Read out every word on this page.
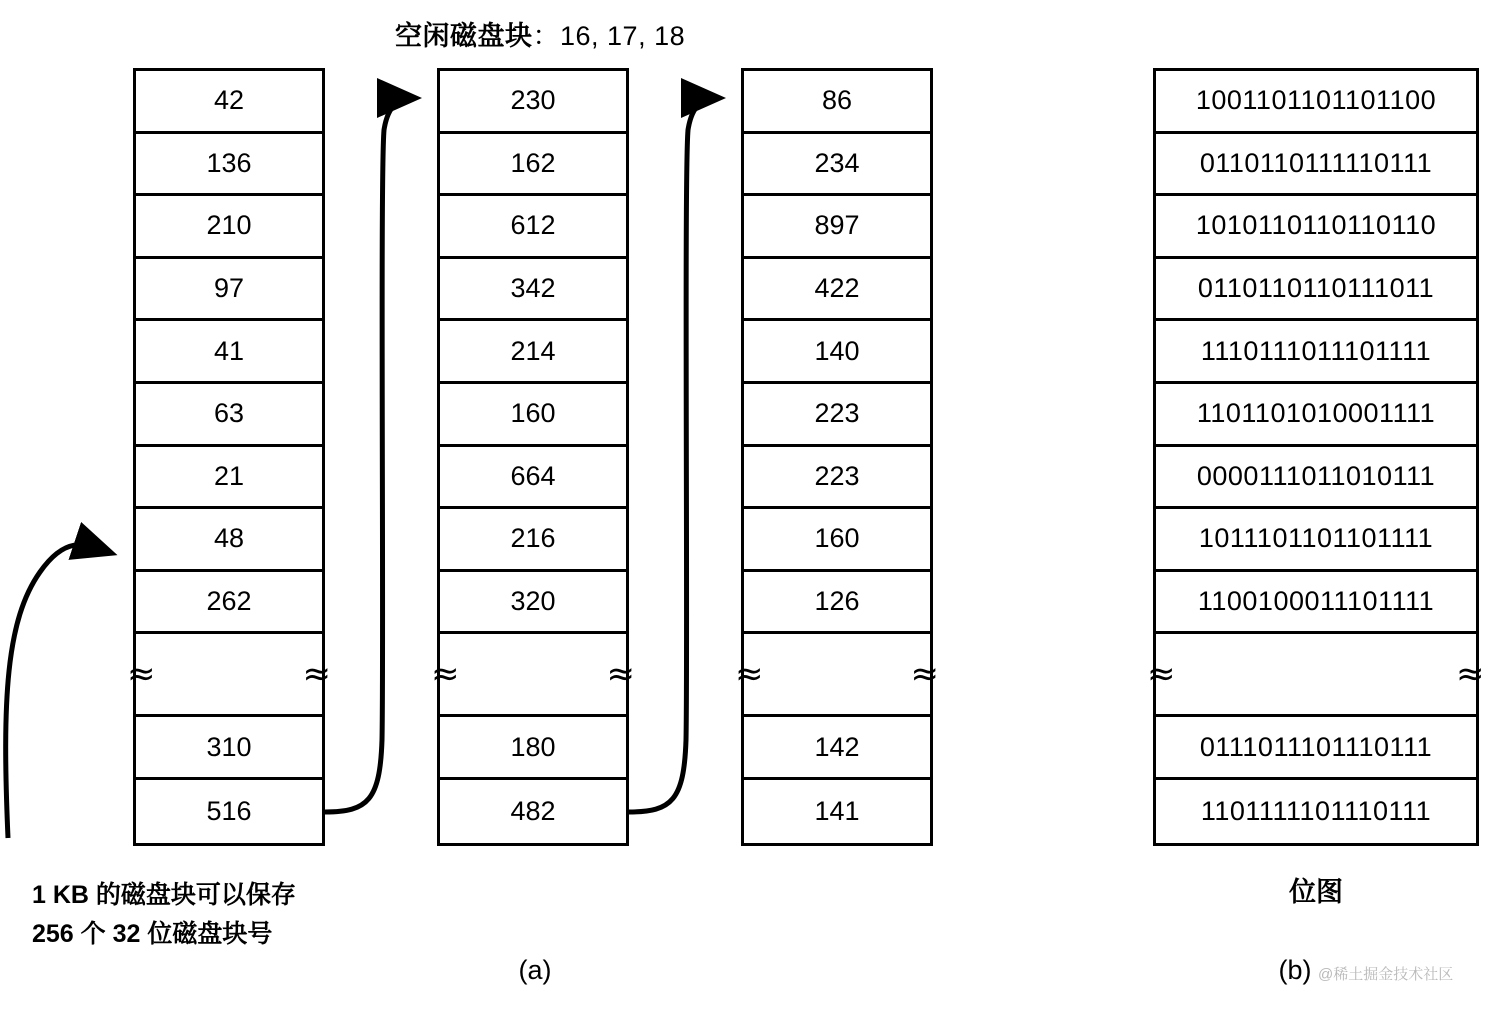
空闲磁盘块：16, 17, 18
42
136
210
97
41
63
21
48
262
≈	≈
310
516
230
162
612
342
214
160
664
216
320
≈	≈
180
482
86
234
897
422
140
223
223
160
126
≈	≈
142
141
1001101101101100
0110110111110111
1010110110110110
0110110110111011
1110111011101111
1101101010001111
0000111011010111
1011101101101111
1100100011101111
≈	≈
0111011101110111
1101111101110111
1 KB 的磁盘块可以保存
256 个 32 位磁盘块号
位图
(a)	(b) @稀土掘金技术社区
